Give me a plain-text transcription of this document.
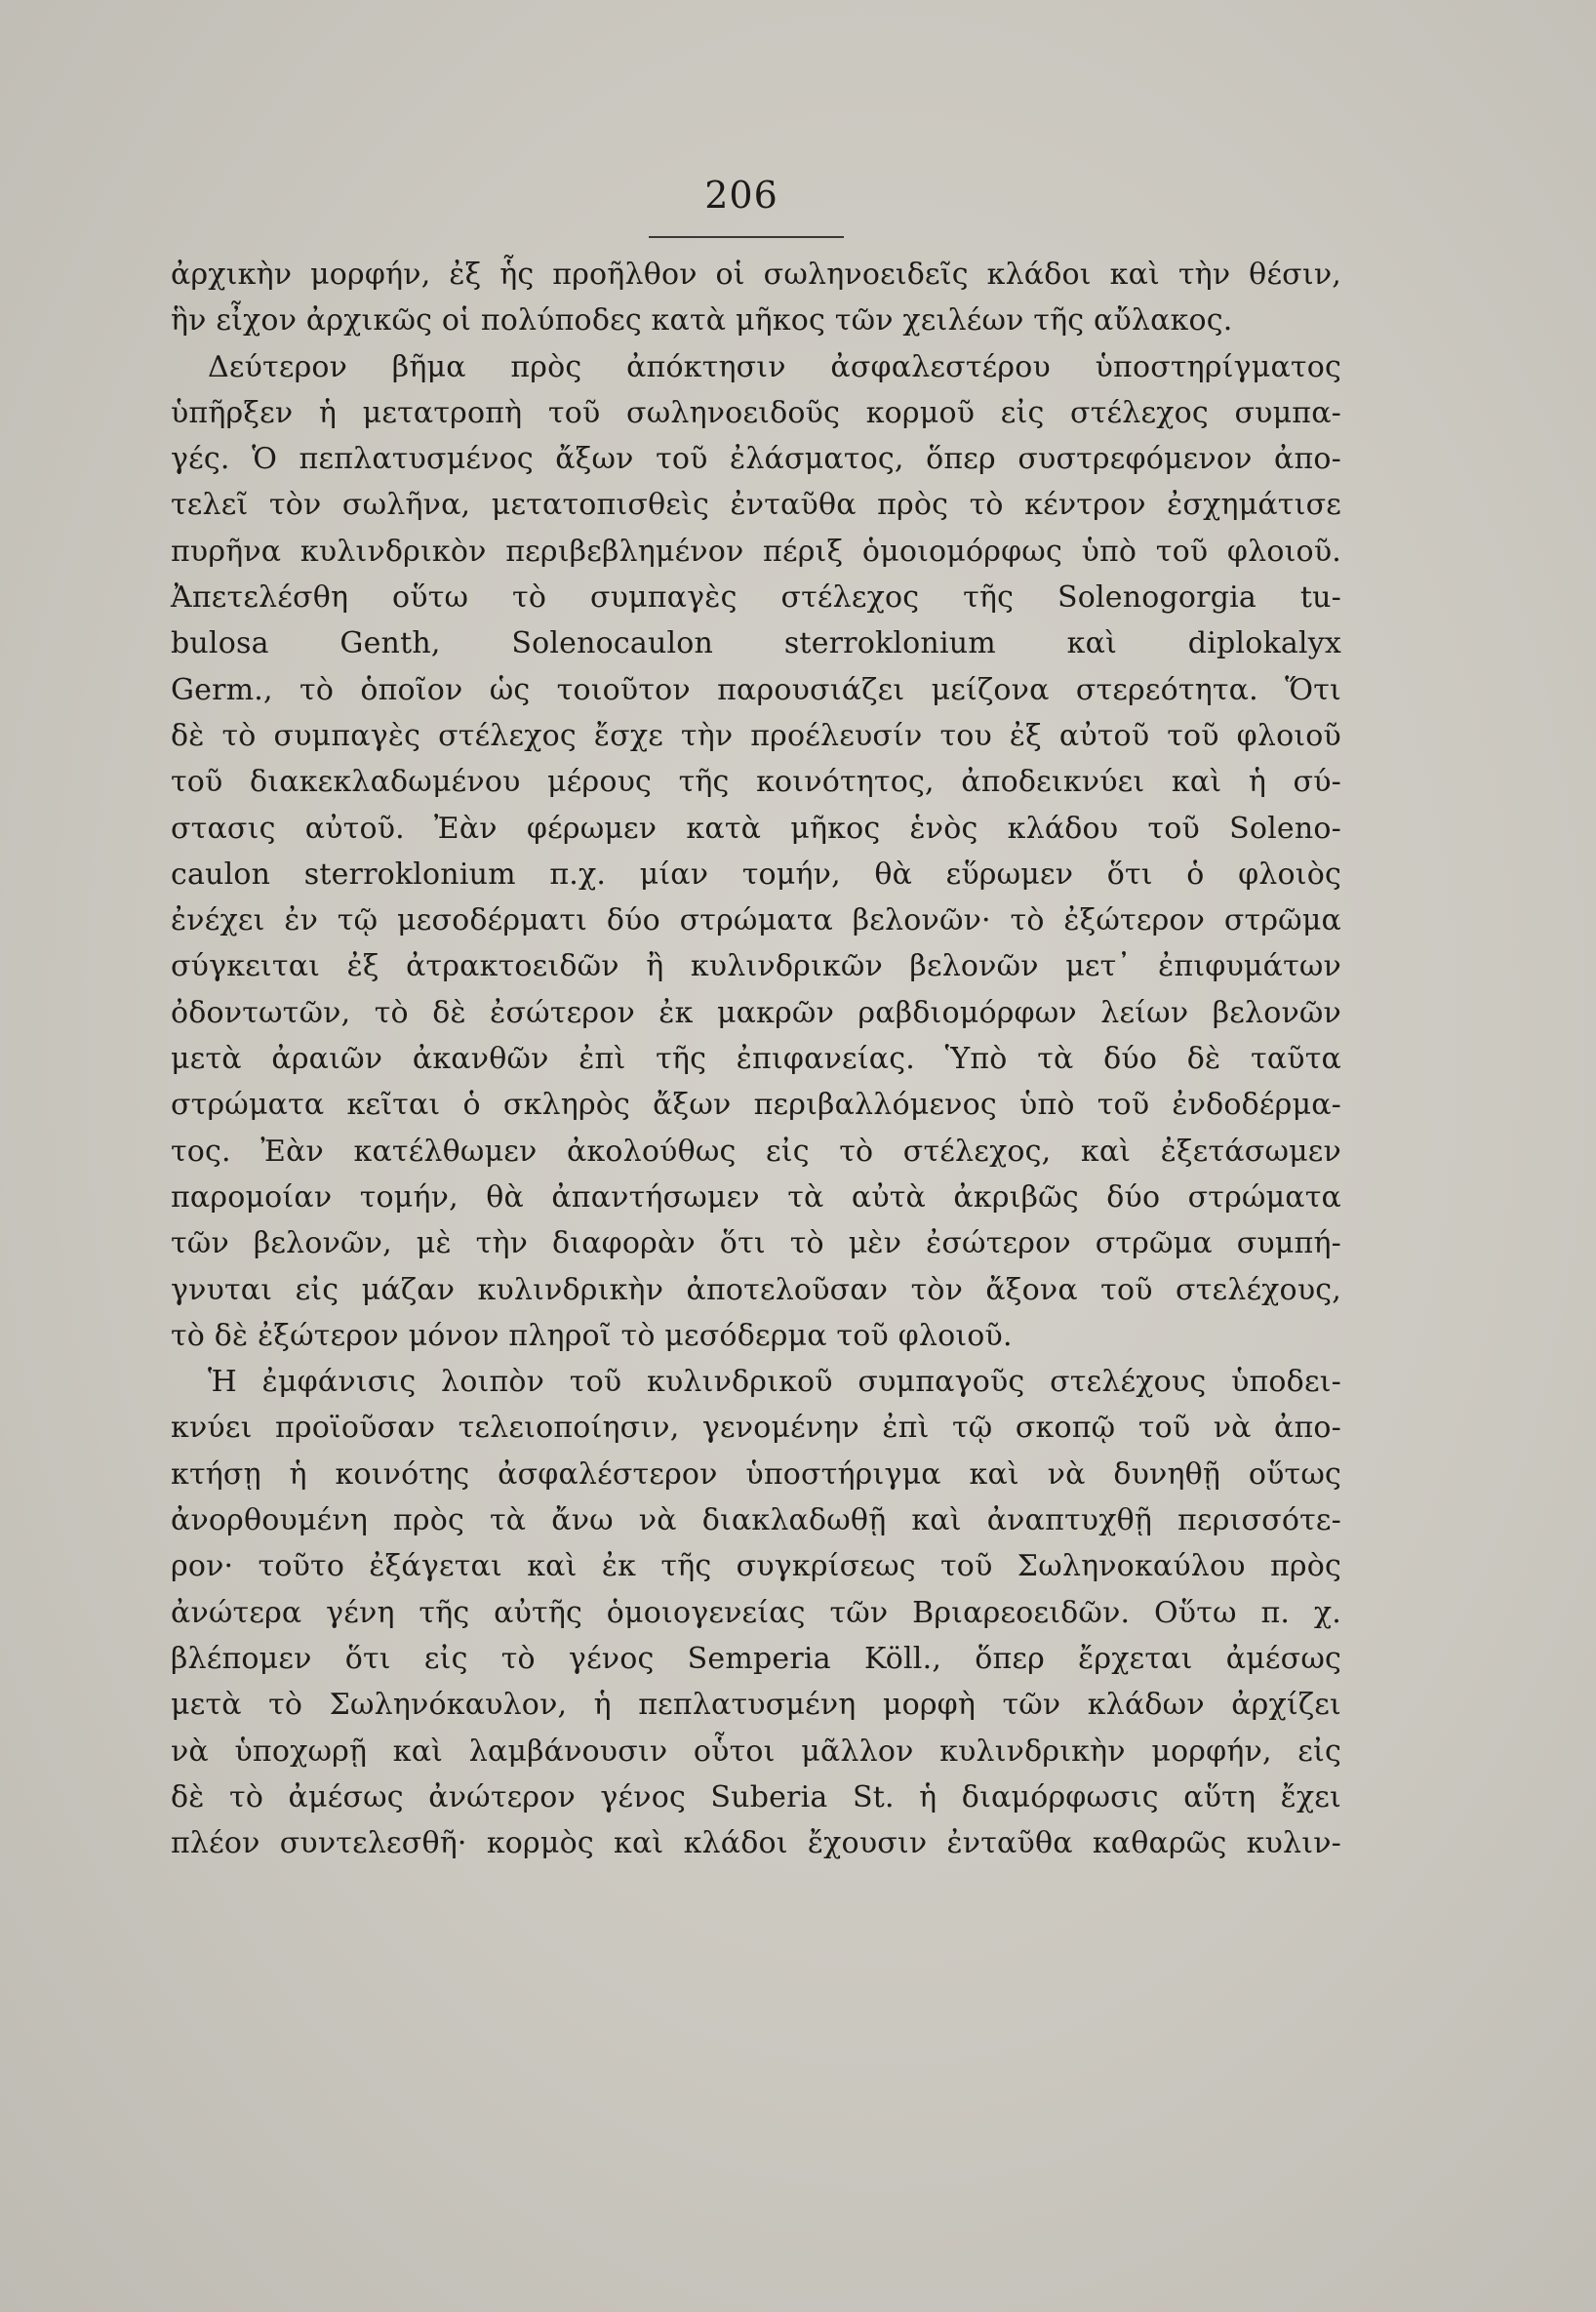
206
ἀρχικὴν μορφήν, ἐξ ἧς προῆλθον οἱ σωληνοειδεῖς κλάδοι καὶ τὴν θέσιν,
ἣν εἶχον ἀρχικῶς οἱ πολύποδες κατὰ μῆκος τῶν χειλέων τῆς αὔλακος.
Δεύτερον βῆμα πρὸς ἀπόκτησιν ἀσφαλεστέρου ὑποστηρίγματος
ὑπῆρξεν ἡ μετατροπὴ τοῦ σωληνοειδοῦς κορμοῦ εἰς στέλεχος συμπα-
γές. Ὁ πεπλατυσμένος ἄξων τοῦ ἐλάσματος, ὅπερ συστρεφόμενον ἀπο-
τελεῖ τὸν σωλῆνα, μετατοπισθεὶς ἐνταῦθα πρὸς τὸ κέντρον ἐσχημάτισε
πυρῆνα κυλινδρικὸν περιβεβλημένον πέριξ ὁμοιομόρφως ὑπὸ τοῦ φλοιοῦ.
Ἀπετελέσθη οὕτω τὸ συμπαγὲς στέλεχος τῆς Solenogorgia tu-
bulosa Genth, Solenocaulon sterroklonium καὶ diplokalyx
Germ., τὸ ὁποῖον ὡς τοιοῦτον παρουσιάζει μείζονα στερεότητα. Ὅτι
δὲ τὸ συμπαγὲς στέλεχος ἔσχε τὴν προέλευσίν του ἐξ αὐτοῦ τοῦ φλοιοῦ
τοῦ διακεκλαδωμένου μέρους τῆς κοινότητος, ἀποδεικνύει καὶ ἡ σύ-
στασις αὐτοῦ. Ἐὰν φέρωμεν κατὰ μῆκος ἑνὸς κλάδου τοῦ Soleno-
caulon sterroklonium π.χ. μίαν τομήν, θὰ εὕρωμεν ὅτι ὁ φλοιὸς
ἐνέχει ἐν τῷ μεσοδέρματι δύο στρώματα βελονῶν· τὸ ἐξώτερον στρῶμα
σύγκειται ἐξ ἀτρακτοειδῶν ἢ κυλινδρικῶν βελονῶν μετ᾽ ἐπιφυμάτων
ὀδοντωτῶν, τὸ δὲ ἐσώτερον ἐκ μακρῶν ραβδιομόρφων λείων βελονῶν
μετὰ ἀραιῶν ἀκανθῶν ἐπὶ τῆς ἐπιφανείας. Ὑπὸ τὰ δύο δὲ ταῦτα
στρώματα κεῖται ὁ σκληρὸς ἄξων περιβαλλόμενος ὑπὸ τοῦ ἐνδοδέρμα-
τος. Ἐὰν κατέλθωμεν ἀκολούθως εἰς τὸ στέλεχος, καὶ ἐξετάσωμεν
παρομοίαν τομήν, θὰ ἀπαντήσωμεν τὰ αὐτὰ ἀκριβῶς δύο στρώματα
τῶν βελονῶν, μὲ τὴν διαφορὰν ὅτι τὸ μὲν ἐσώτερον στρῶμα συμπή-
γνυται εἰς μάζαν κυλινδρικὴν ἀποτελοῦσαν τὸν ἄξονα τοῦ στελέχους,
τὸ δὲ ἐξώτερον μόνον πληροῖ τὸ μεσόδερμα τοῦ φλοιοῦ.
Ἡ ἐμφάνισις λοιπὸν τοῦ κυλινδρικοῦ συμπαγοῦς στελέχους ὑποδει-
κνύει προϊοῦσαν τελειοποίησιν, γενομένην ἐπὶ τῷ σκοπῷ τοῦ νὰ ἀπο-
κτήσῃ ἡ κοινότης ἀσφαλέστερον ὑποστήριγμα καὶ νὰ δυνηθῇ οὕτως
ἀνορθουμένη πρὸς τὰ ἄνω νὰ διακλαδωθῇ καὶ ἀναπτυχθῇ περισσότε-
ρον· τοῦτο ἐξάγεται καὶ ἐκ τῆς συγκρίσεως τοῦ Σωληνοκαύλου πρὸς
ἀνώτερα γένη τῆς αὐτῆς ὁμοιογενείας τῶν Βριαρεοειδῶν. Οὕτω π. χ.
βλέπομεν ὅτι εἰς τὸ γένος Semperia Köll., ὅπερ ἔρχεται ἀμέσως
μετὰ τὸ Σωληνόκαυλον, ἡ πεπλατυσμένη μορφὴ τῶν κλάδων ἀρχίζει
νὰ ὑποχωρῇ καὶ λαμβάνουσιν οὗτοι μᾶλλον κυλινδρικὴν μορφήν, εἰς
δὲ τὸ ἀμέσως ἀνώτερον γένος Suberia St. ἡ διαμόρφωσις αὕτη ἔχει
πλέον συντελεσθῆ· κορμὸς καὶ κλάδοι ἔχουσιν ἐνταῦθα καθαρῶς κυλιν-
